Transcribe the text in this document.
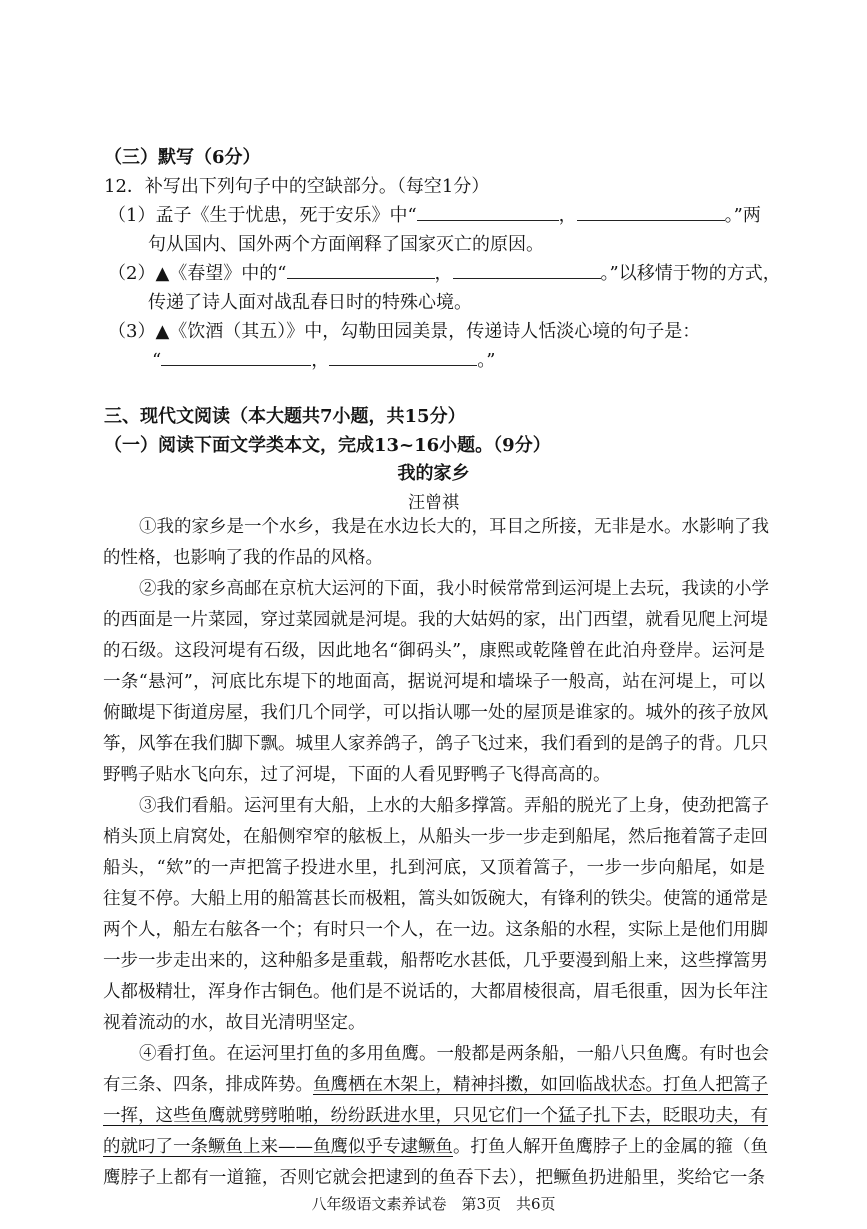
（三）默写（6分）
12．补写出下列句子中的空缺部分。（每空1分）
（1）孟子《生于忧患，死于安乐》中“	，	。”两
句从国内、国外两个方面阐释了国家灭亡的原因。
（2）▲《春望》中的“	，	。”以移情于物的方式，
传递了诗人面对战乱春日时的特殊心境。
（3）▲《饮酒（其五）》中，勾勒田园美景，传递诗人恬淡心境的句子是：
“	，	。”
三、现代文阅读（本大题共7小题，共15分）
（一）阅读下面文学类本文，完成13~16小题。（9分）
我的家乡
汪曾祺
①我的家乡是一个水乡，我是在水边长大的，耳目之所接，无非是水。水影响了我
的性格，也影响了我的作品的风格。
②我的家乡高邮在京杭大运河的下面，我小时候常常到运河堤上去玩，我读的小学
的西面是一片菜园，穿过菜园就是河堤。我的大姑妈的家，出门西望，就看见爬上河堤
的石级。这段河堤有石级，因此地名“御码头”，康熙或乾隆曾在此泊舟登岸。运河是
一条“悬河”，河底比东堤下的地面高，据说河堤和墙垛子一般高，站在河堤上，可以
俯瞰堤下街道房屋，我们几个同学，可以指认哪一处的屋顶是谁家的。城外的孩子放风
筝，风筝在我们脚下飘。城里人家养鸽子，鸽子飞过来，我们看到的是鸽子的背。几只
野鸭子贴水飞向东，过了河堤，下面的人看见野鸭子飞得高高的。
③我们看船。运河里有大船，上水的大船多撑篙。弄船的脱光了上身，使劲把篙子
梢头顶上肩窝处，在船侧窄窄的舷板上，从船头一步一步走到船尾，然后拖着篙子走回
船头，“欸”的一声把篙子投进水里，扎到河底，又顶着篙子，一步一步向船尾，如是
往复不停。大船上用的船篙甚长而极粗，篙头如饭碗大，有锋利的铁尖。使篙的通常是
两个人，船左右舷各一个；有时只一个人，在一边。这条船的水程，实际上是他们用脚
一步一步走出来的，这种船多是重载，船帮吃水甚低，几乎要漫到船上来，这些撑篙男
人都极精壮，浑身作古铜色。他们是不说话的，大都眉棱很高，眉毛很重，因为长年注
视着流动的水，故目光清明坚定。
④看打鱼。在运河里打鱼的多用鱼鹰。一般都是两条船，一船八只鱼鹰。有时也会
有三条、四条，排成阵势。鱼鹰栖在木架上，精神抖擞，如回临战状态。打鱼人把篙子
一挥，这些鱼鹰就劈劈啪啪，纷纷跃进水里，只见它们一个猛子扎下去，眨眼功夫，有
的就叼了一条鳜鱼上来——鱼鹰似乎专逮鳜鱼。打鱼人解开鱼鹰脖子上的金属的箍（鱼
鹰脖子上都有一道箍，否则它就会把逮到的鱼吞下去），把鳜鱼扔进船里，奖给它一条
八年级语文素养试卷　第3页　共6页
